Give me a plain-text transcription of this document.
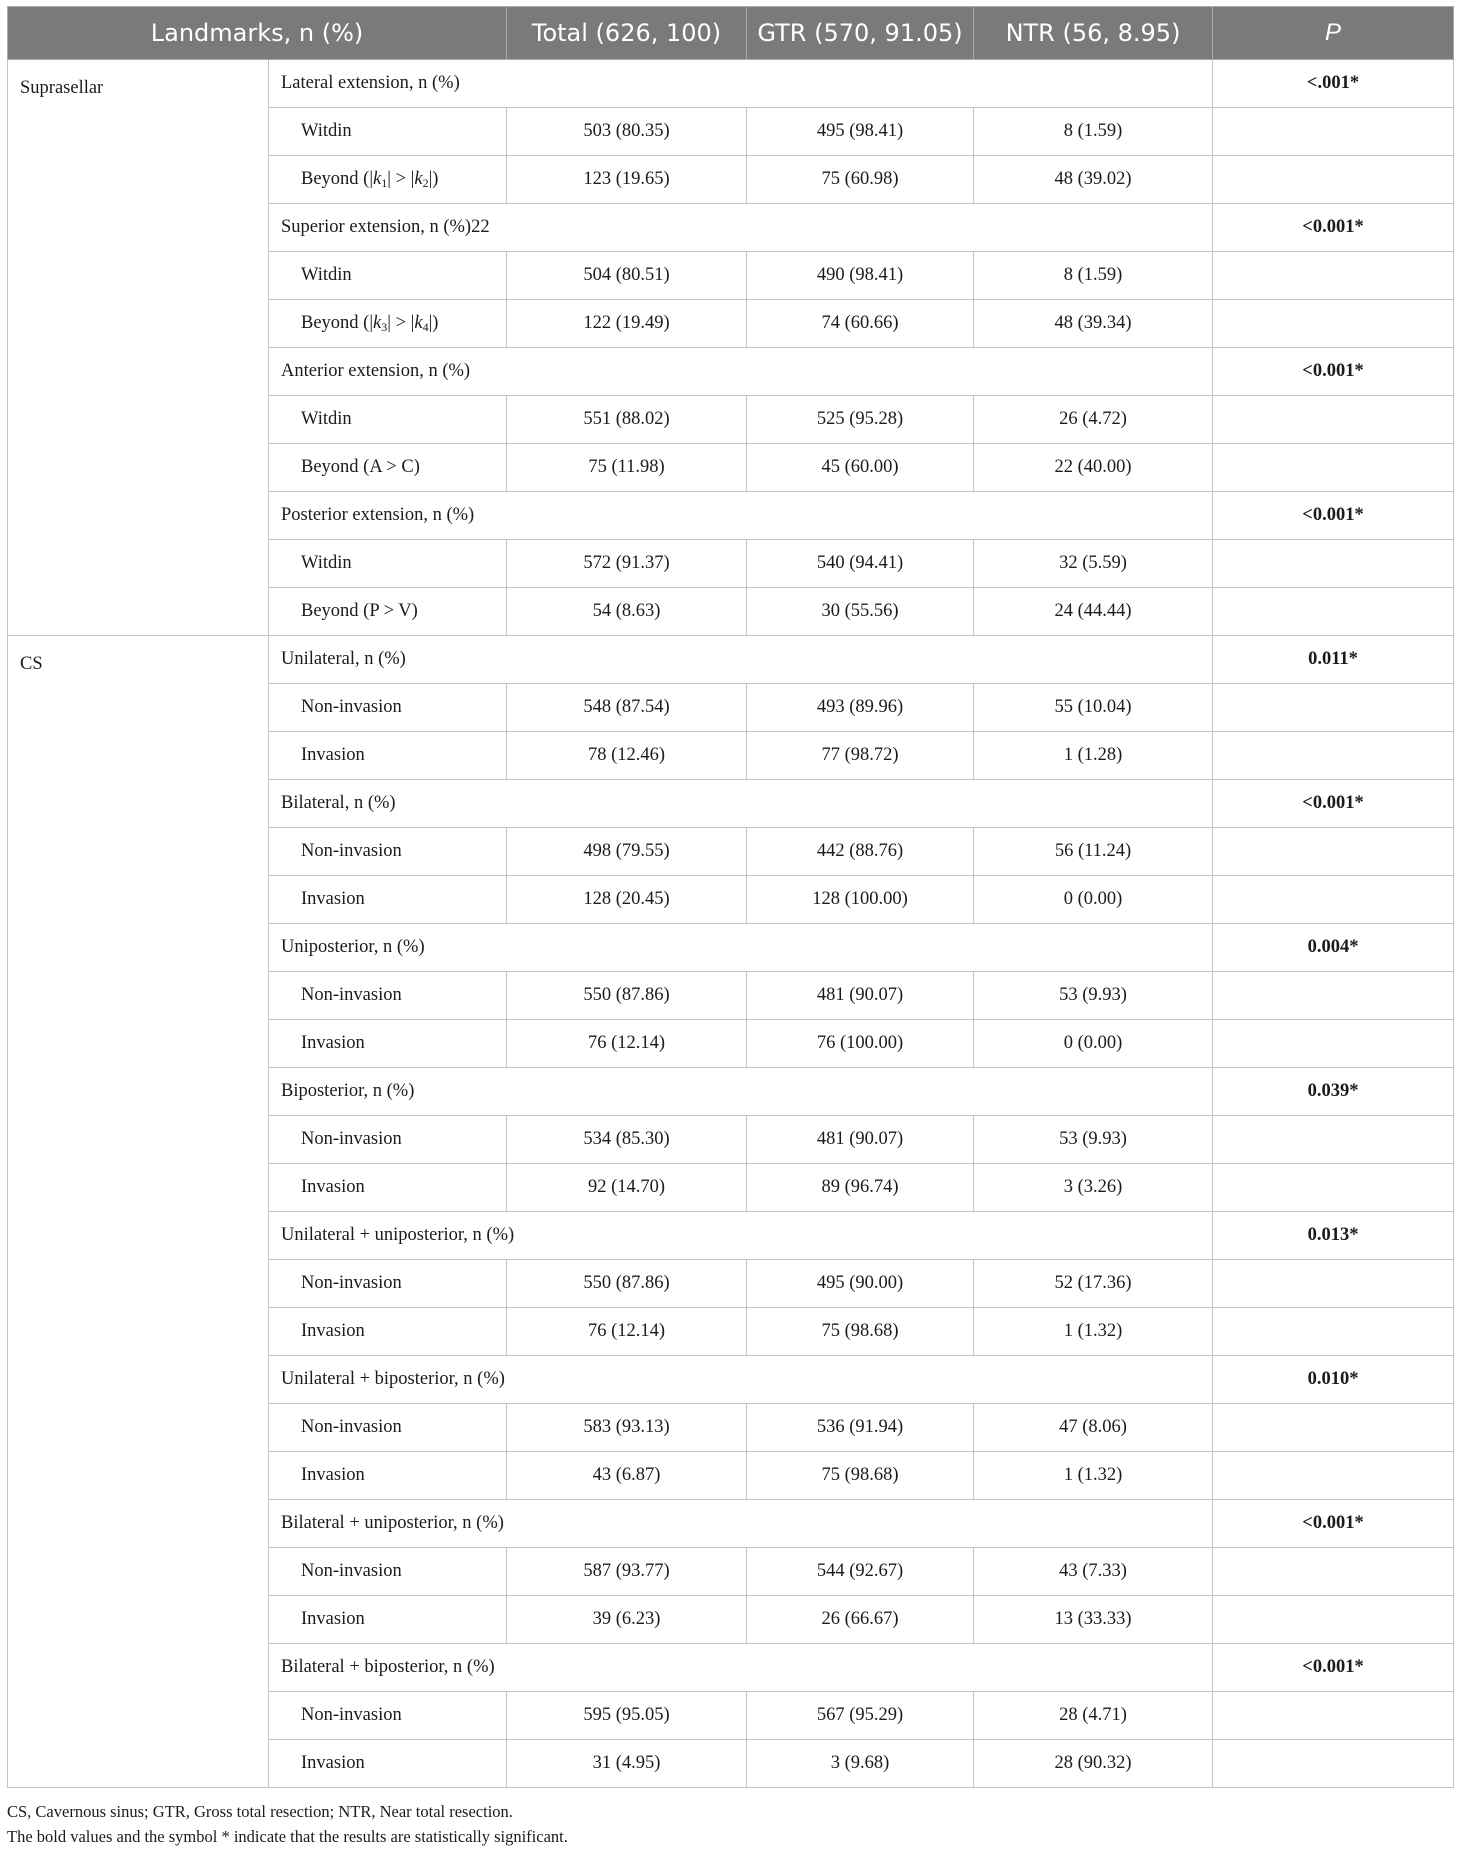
Landmarks, n (%)		Total (626, 100)	GTR (570, 91.05)	NTR (56, 8.95)	P
Suprasellar	Lateral extension, n (%)				<.001*
	Witdin	503 (80.35)	495 (98.41)	8 (1.59)	
	Beyond $(|k_1| > |k_2|)$	123 (19.65)	75 (60.98)	48 (39.02)	
	Superior extension, n (%)22				<0.001*
	Witdin	504 (80.51)	490 (98.41)	8 (1.59)	
	Beyond $(|k_3| > |k_4|)$	122 (19.49)	74 (60.66)	48 (39.34)	
	Anterior extension, n (%)				<0.001*
	Witdin	551 (88.02)	525 (95.28)	26 (4.72)	
	Beyond (A > C)	75 (11.98)	45 (60.00)	22 (40.00)	
	Posterior extension, n (%)				<0.001*
	Witdin	572 (91.37)	540 (94.41)	32 (5.59)	
	Beyond (P > V)	54 (8.63)	30 (55.56)	24 (44.44)	
CS	Unilateral, n (%)				0.011*
	Non-invasion	548 (87.54)	493 (89.96)	55 (10.04)	
	Invasion	78 (12.46)	77 (98.72)	1 (1.28)	
	Bilateral, n (%)				<0.001*
	Non-invasion	498 (79.55)	442 (88.76)	56 (11.24)	
	Invasion	128 (20.45)	128 (100.00)	0 (0.00)	
	Uniposterior, n (%)				0.004*
	Non-invasion	550 (87.86)	481 (90.07)	53 (9.93)	
	Invasion	76 (12.14)	76 (100.00)	0 (0.00)	
	Biposterior, n (%)				0.039*
	Non-invasion	534 (85.30)	481 (90.07)	53 (9.93)	
	Invasion	92 (14.70)	89 (96.74)	3 (3.26)	
	Unilateral + uniposterior, n (%)				0.013*
	Non-invasion	550 (87.86)	495 (90.00)	52 (17.36)	
	Invasion	76 (12.14)	75 (98.68)	1 (1.32)	
	Unilateral + biposterior, n (%)				0.010*
	Non-invasion	583 (93.13)	536 (91.94)	47 (8.06)	
	Invasion	43 (6.87)	75 (98.68)	1 (1.32)	
	Bilateral + uniposterior, n (%)				<0.001*
	Non-invasion	587 (93.77)	544 (92.67)	43 (7.33)	
	Invasion	39 (6.23)	26 (66.67)	13 (33.33)	
	Bilateral + biposterior, n (%)				<0.001*
	Non-invasion	595 (95.05)	567 (95.29)	28 (4.71)	
	Invasion	31 (4.95)	3 (9.68)	28 (90.32)	
CS, Cavernous sinus; GTR, Gross total resection; NTR, Near total resection.
The bold values and the symbol * indicate that the results are statistically significant.
